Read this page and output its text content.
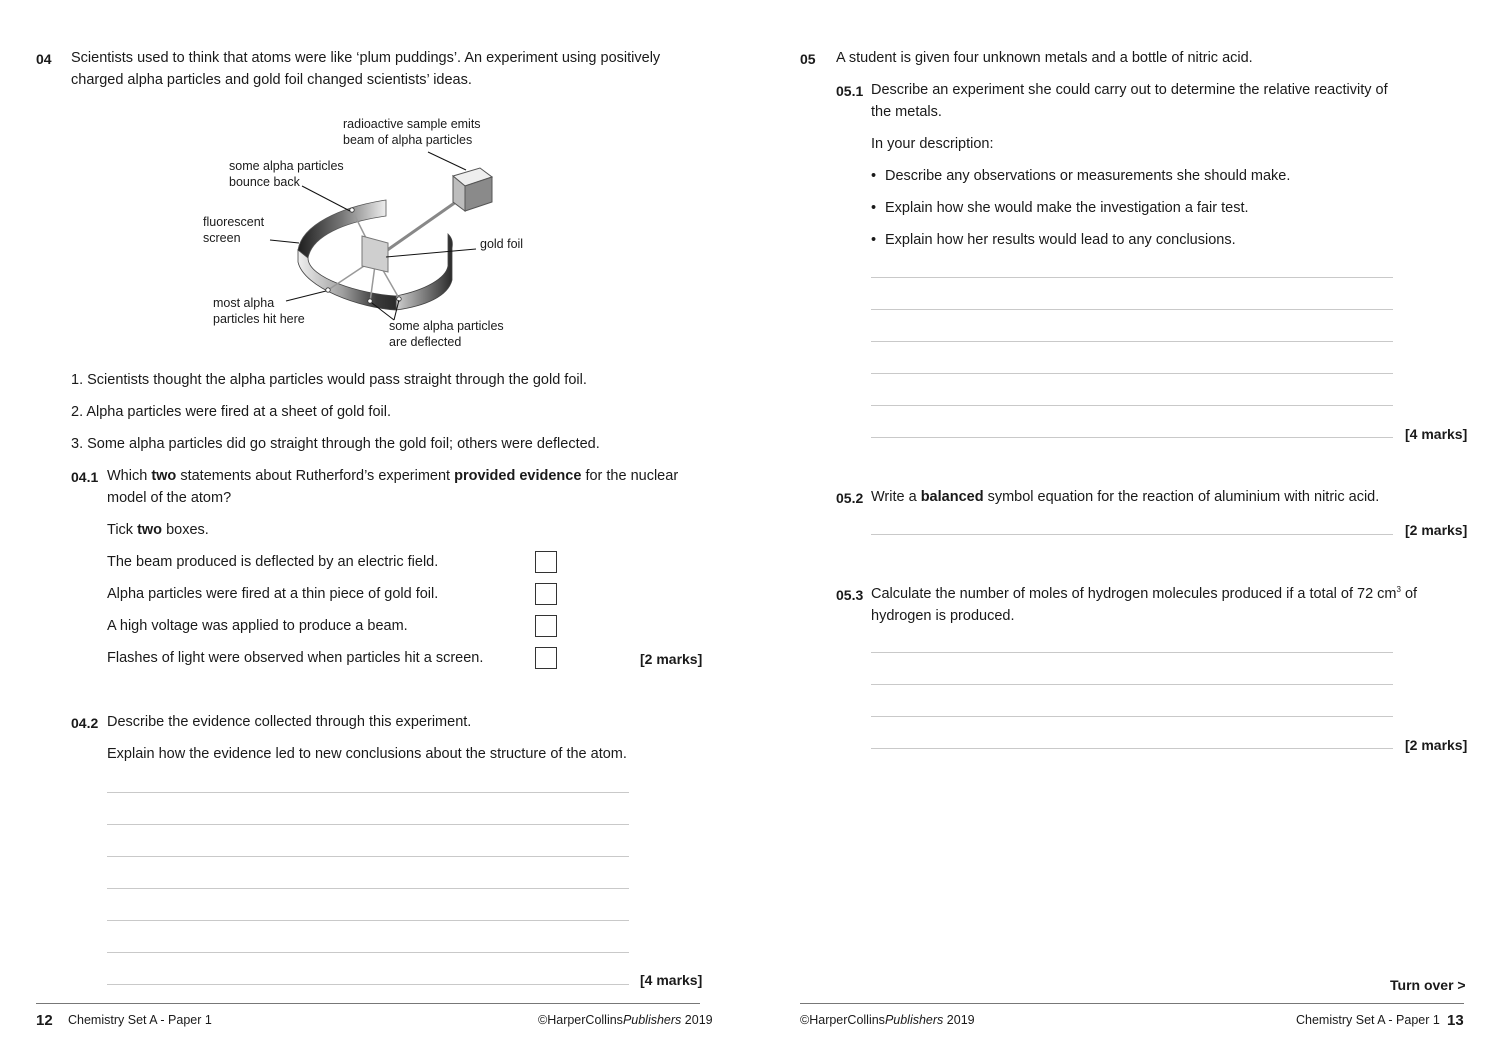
04 Scientists used to think that atoms were like ‘plum puddings’. An experiment using positively
charged alpha particles and gold foil changed scientists’ ideas.
radioactive sample emits
beam of alpha particles
some alpha particles
bounce back
fluorescent
screen	gold foil
most alpha
particles hit here
some alpha particles
are deflected
1. Scientists thought the alpha particles would pass straight through the gold foil.
2. Alpha particles were fired at a sheet of gold foil.
3. Some alpha particles did go straight through the gold foil; others were deflected.
04.1 Which two statements about Rutherford’s experiment provided evidence for the nuclear
model of the atom?
Tick two boxes.
The beam produced is deflected by an electric field.
Alpha particles were fired at a thin piece of gold foil.
A high voltage was applied to produce a beam.
Flashes of light were observed when particles hit a screen.	[2 marks]
04.2 Describe the evidence collected through this experiment.
Explain how the evidence led to new conclusions about the structure of the atom.
[4 marks]
12 Chemistry Set A - Paper 1	©HarperCollinsPublishers 2019
05 A student is given four unknown metals and a bottle of nitric acid.
05.1 Describe an experiment she could carry out to determine the relative reactivity of
the metals.
In your description:
• Describe any observations or measurements she should make.
• Explain how she would make the investigation a fair test.
• Explain how her results would lead to any conclusions.
[4 marks]
05.2 Write a balanced symbol equation for the reaction of aluminium with nitric acid.
[2 marks]
05.3 Calculate the number of moles of hydrogen molecules produced if a total of 72 $cm^3$ of
hydrogen is produced.
[2 marks]
Turn over >
©HarperCollinsPublishers 2019	Chemistry Set A - Paper 1 13
